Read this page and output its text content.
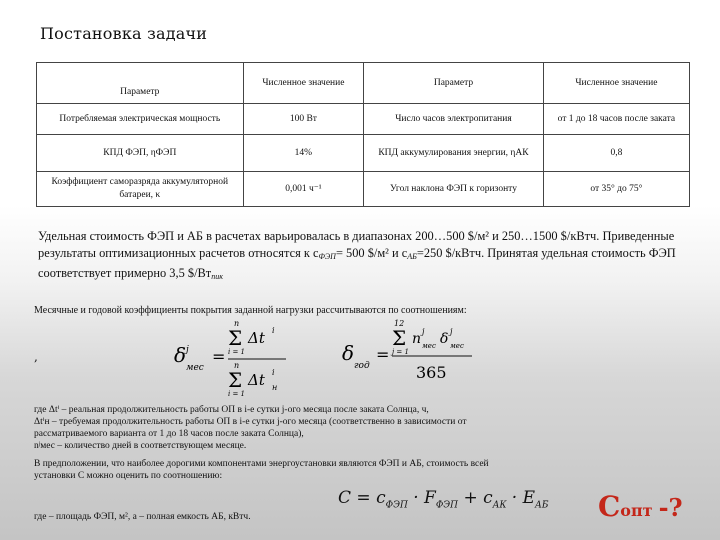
Постановка задачи
Параметр	Численное значение	Параметр	Численное значение
Потребляемая электрическая мощность	100 Вт	Число часов электропитания	от 1 до 18 часов после заката
КПД ФЭП, ηФЭП	14%	КПД аккумулирования энергии, ηАК	0,8
Коэффициент саморазряда аккумуляторной батареи, κ	0,001 ч⁻¹	Угол наклона ФЭП к горизонту	от 35° до 75°
Удельная стоимость ФЭП и АБ в расчетах варьировалась в диапазонах 200…500 $/м² и 250…1500 $/кВтч. Приведенные результаты оптимизационных расчетов относятся к $с_{ФЭП}= 500$ $/м² и $с_{АБ}=250$ $/кВтч. Принятая удельная стоимость ФЭП соответствует примерно 3,5 $\$/Вт_{пик}$
Месячные и годовой коэффициенты покрытия заданной нагрузки рассчитываются по соотношениям:
,	δ j
мес
=
n
Σ
i = 1
Δt i
n
Σ
i = 1
Δt i
н
δ
год
=
12
Σ
j = 1
n j
мес δ j
мес
365

где Δtⁱ – реальная продолжительность работы ОП в i-е сутки j-ого месяца после заката Солнца, ч,

Δtⁱн – требуемая продолжительность работы ОП в i-е сутки j-ого месяца (соответственно в зависимости от

рассматриваемого варианта от 1 до 18 часов после заката Солнца),

nʲмес – количество дней в соответствующем месяце.

В предположении, что наиболее дорогими компонентами энергоустановки являются ФЭП и АБ, стоимость всей

установки С можно оценить по соотношению:

$C = c_{ФЭП} \cdot F_{ФЭП} + c_{АК} \cdot E_{АБ}$
где – площадь ФЭП, м², а – полная емкость АБ, кВтч.	Сопт -?
